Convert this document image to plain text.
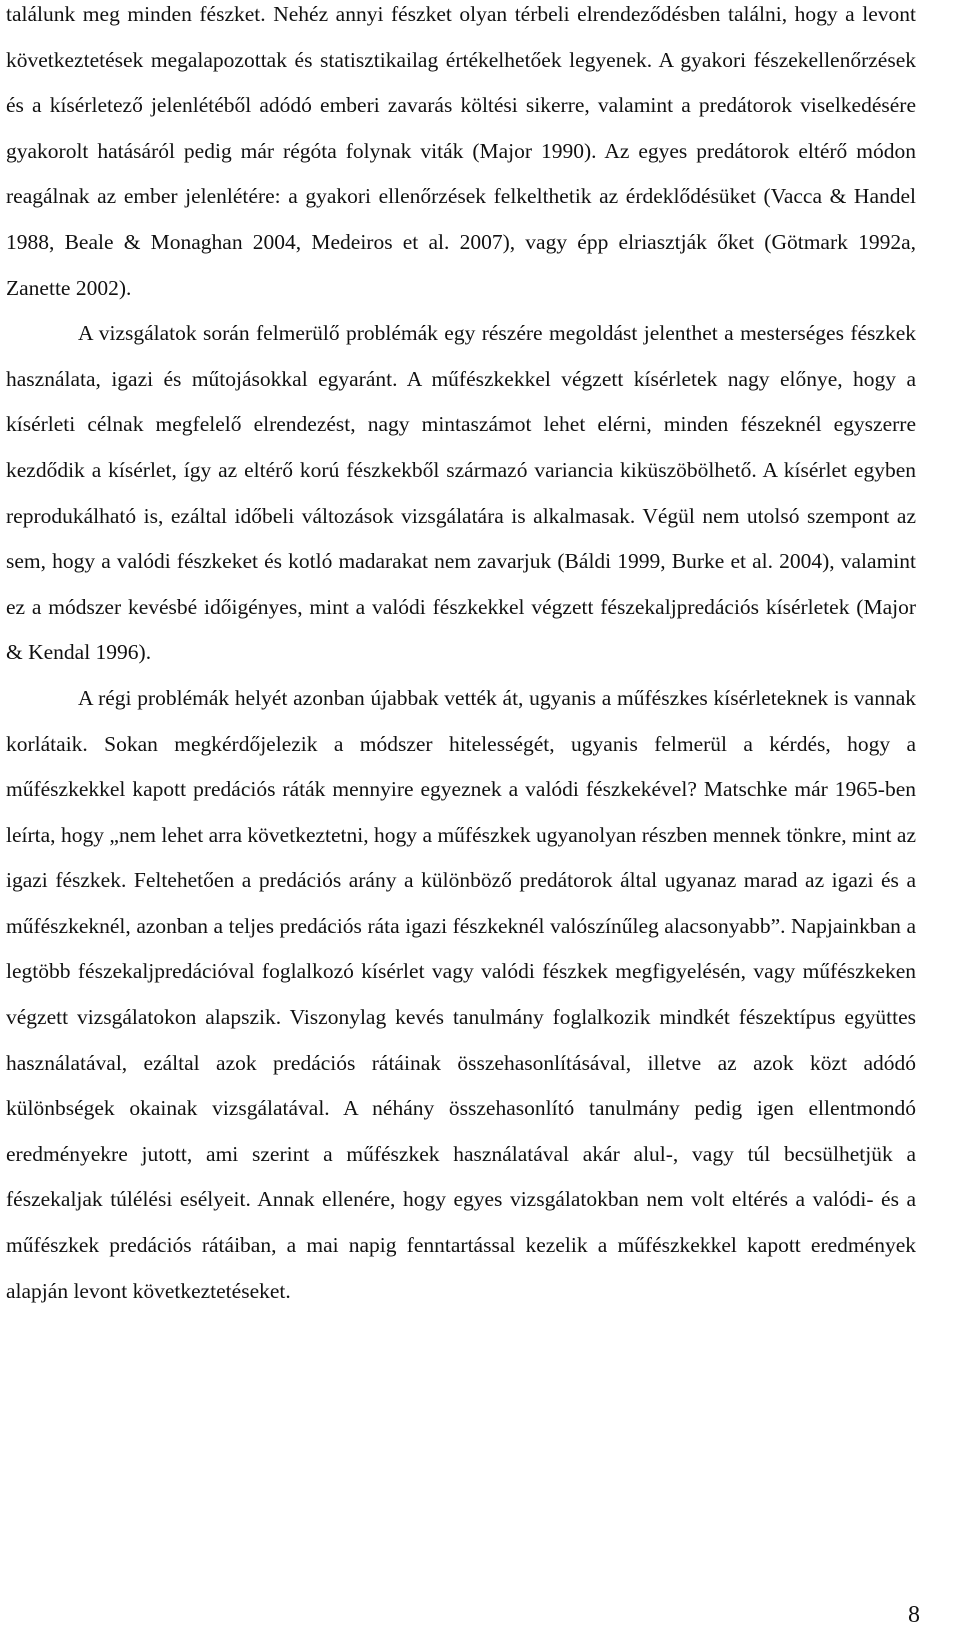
találunk meg minden fészket. Nehéz annyi fészket olyan térbeli elrendeződésben találni, hogy a levont következtetések megalapozottak és statisztikailag értékelhetőek legyenek. A gyakori fészekellenőrzések és a kísérletező jelenlétéből adódó emberi zavarás költési sikerre, valamint a predátorok viselkedésére gyakorolt hatásáról pedig már régóta folynak viták (Major 1990). Az egyes predátorok eltérő módon reagálnak az ember jelenlétére: a gyakori ellenőrzések felkelthetik az érdeklődésüket (Vacca & Handel 1988, Beale & Monaghan 2004, Medeiros et al. 2007), vagy épp elriasztják őket (Götmark 1992a, Zanette 2002).

A vizsgálatok során felmerülő problémák egy részére megoldást jelenthet a mesterséges fészkek használata, igazi és műtojásokkal egyaránt. A műfészkekkel végzett kísérletek nagy előnye, hogy a kísérleti célnak megfelelő elrendezést, nagy mintaszámot lehet elérni, minden fészeknél egyszerre kezdődik a kísérlet, így az eltérő korú fészkekből származó variancia kiküszöbölhető. A kísérlet egyben reprodukálható is, ezáltal időbeli változások vizsgálatára is alkalmasak. Végül nem utolsó szempont az sem, hogy a valódi fészkeket és kotló madarakat nem zavarjuk (Báldi 1999, Burke et al. 2004), valamint ez a módszer kevésbé időigényes, mint a valódi fészkekkel végzett fészekaljpredációs kísérletek (Major & Kendal 1996).

A régi problémák helyét azonban újabbak vették át, ugyanis a műfészkes kísérleteknek is vannak korlátaik. Sokan megkérdőjelezik a módszer hitelességét, ugyanis felmerül a kérdés, hogy a műfészkekkel kapott predációs ráták mennyire egyeznek a valódi fészkekével? Matschke már 1965-ben leírta, hogy „nem lehet arra következtetni, hogy a műfészkek ugyanolyan részben mennek tönkre, mint az igazi fészkek. Feltehetően a predációs arány a különböző predátorok által ugyanaz marad az igazi és a műfészkeknél, azonban a teljes predációs ráta igazi fészkeknél valószínűleg alacsonyabb”. Napjainkban a legtöbb fészekaljpredációval foglalkozó kísérlet vagy valódi fészkek megfigyelésén, vagy műfészkeken végzett vizsgálatokon alapszik. Viszonylag kevés tanulmány foglalkozik mindkét fészektípus együttes használatával, ezáltal azok predációs rátáinak összehasonlításával, illetve az azok közt adódó különbségek okainak vizsgálatával. A néhány összehasonlító tanulmány pedig igen ellentmondó eredményekre jutott, ami szerint a műfészkek használatával akár alul-, vagy túl becsülhetjük a fészekaljak túlélési esélyeit. Annak ellenére, hogy egyes vizsgálatokban nem volt eltérés a valódi- és a műfészkek predációs rátáiban, a mai napig fenntartással kezelik a műfészkekkel kapott eredmények alapján levont következtetéseket.

8
